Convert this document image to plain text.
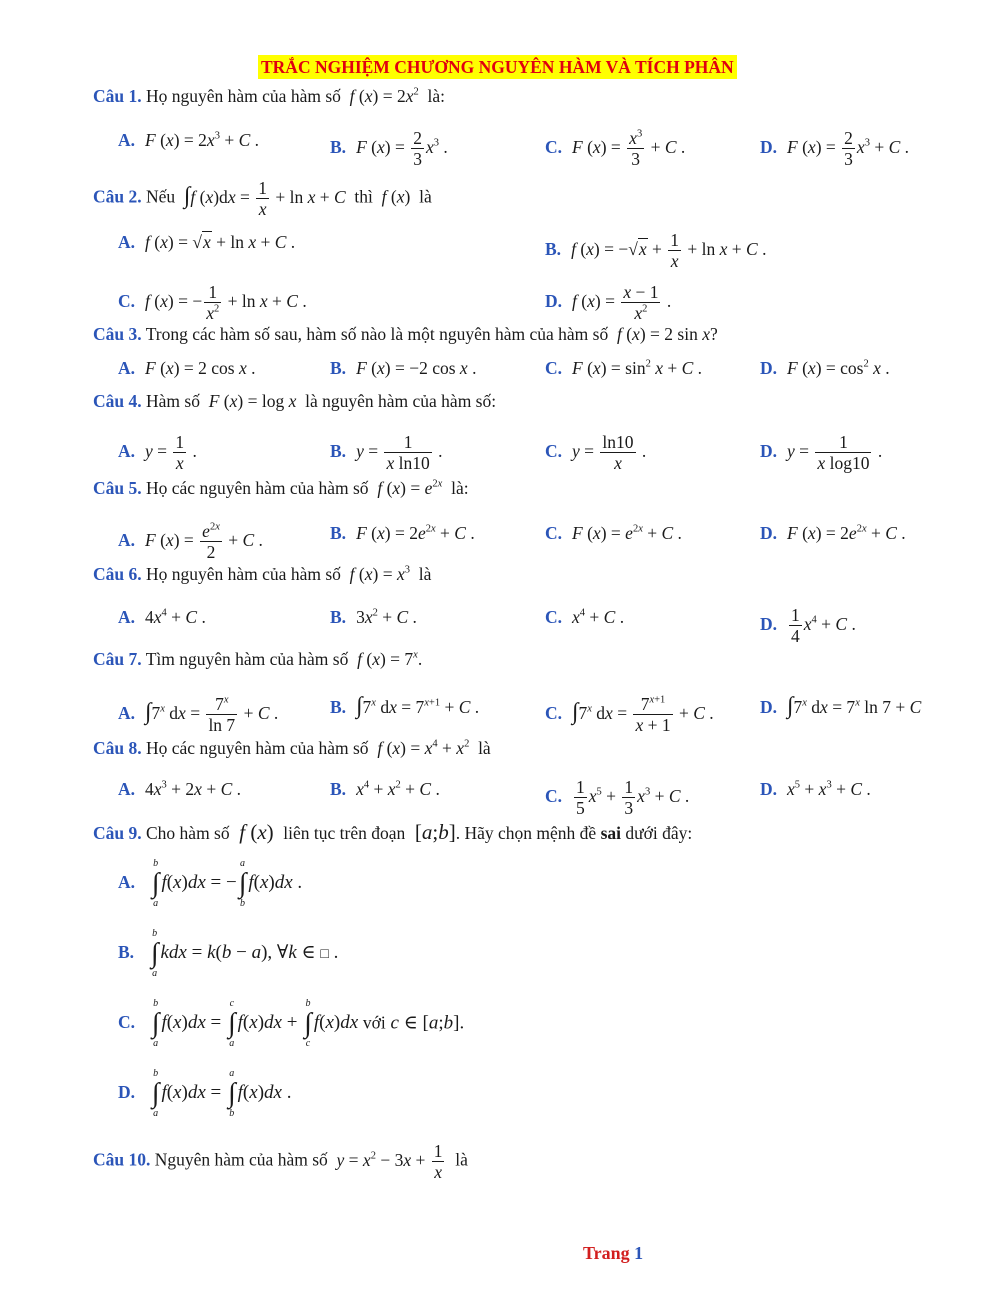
TRẮC NGHIỆM CHƯƠNG NGUYÊN HÀM VÀ TÍCH PHÂN
Câu 1. Họ nguyên hàm của hàm số f $(x) = 2x^2$ là:
A. F $(x) = 2x^3 + C$ .	B. F $(x) = \frac{2}{3} x^3$ .	C. F $(x) = \frac{x^3}{3} + C$ .	D. F $(x) = \frac{2}{3} x^3 + C$ .
Câu 2. Nếu ∫f $(x)dx = \frac{1}{x} + \ln x + C$ thì f (x)  là
A. f (x) = √x + ln x + C .	B. f $(x) = -√x + \frac{1}{x} + \ln x + C$ .
C. f (x) = − $\frac{1}{x^2} + \ln x + C$ .	D. f $(x) = \frac{x - 1}{x^2}$ .
Câu 3. Trong các hàm số sau, hàm số nào là một nguyên hàm của hàm số f (x) = 2 sin x?
A. F (x) = 2 cos x .	B. F (x) = −2 cos x .	C. F $(x) = \sin^2 x + C$ .	D. F $(x) = \cos^2 x$ .
Câu 4. Hàm số F (x) = log x là nguyên hàm của hàm số:
A. $y = \frac{1}{x}$ .	B. $y = \frac{1}{\text{x ln10}}$ .	C. $y = \frac{\ln 10}{x}$ .	D. $y = \frac{1}{\text{x log10}}$ .
Câu 5. Họ các nguyên hàm của hàm số f $(x) = e^{2x}$ là:
A. F $(x) = \frac{e^{2x}}{2} + C$ .	B. F $(x) = 2e^{2x} + C$ .	C. F $(x) = e^{2x} + C$ .	D. F $(x) = 2e^{2x} + C$ .
Câu 6. Họ nguyên hàm của hàm số f $(x) = x^3$ là
A. $4x^4 + C$ .	B. $3x^2 + C$ .	C. $x^4 + C$ .	D. $\frac{1}{4} x^4 + C$ .
Câu 7. Tìm nguyên hàm của hàm số f $(x) = 7^x$.
A. ∫7$^x$ dx = $\frac{7^x}{\ln 7} + C$ .	B. ∫7$^x$ dx = $7^{x+1} + C$ .	C. ∫7$^x$ dx = $\frac{7^{x+1}}{x + 1} + C$ .	D. ∫7$^x$ dx = $7^x$ ln 7 + C
Câu 8. Họ các nguyên hàm của hàm số f $(x) = x^4 + x^2$ là
A. $4x^3 + 2x + C$ .	B. $x^4 + x^2 + C$ .	C. $\frac{1}{5} x^5 + \frac{1}{3} x^3 + C$ .	D. $x^5 + x^3 + C$ .
Câu 9. Cho hàm số f (x)  liên tục trên đoạn  [a;b]. Hãy chọn mệnh đề sai dưới đây:
A.
b
∫
a
f(x)dx = −
a
∫
b
f(x)dx .
B.
b
∫
a
kdx = k(b − a), ∀k ∈ □ .
C.
b
∫
a
f(x)dx =
c
∫
a
f(x)dx +
b
∫
c
f(x)dx với c ∈ [a;b].
D.
b
∫
a
f(x)dx =
a
∫
b
f(x)dx .
Câu 10. Nguyên hàm của hàm số $y = x^2 - 3x + \frac{1}{x}$ là
Trang 1
